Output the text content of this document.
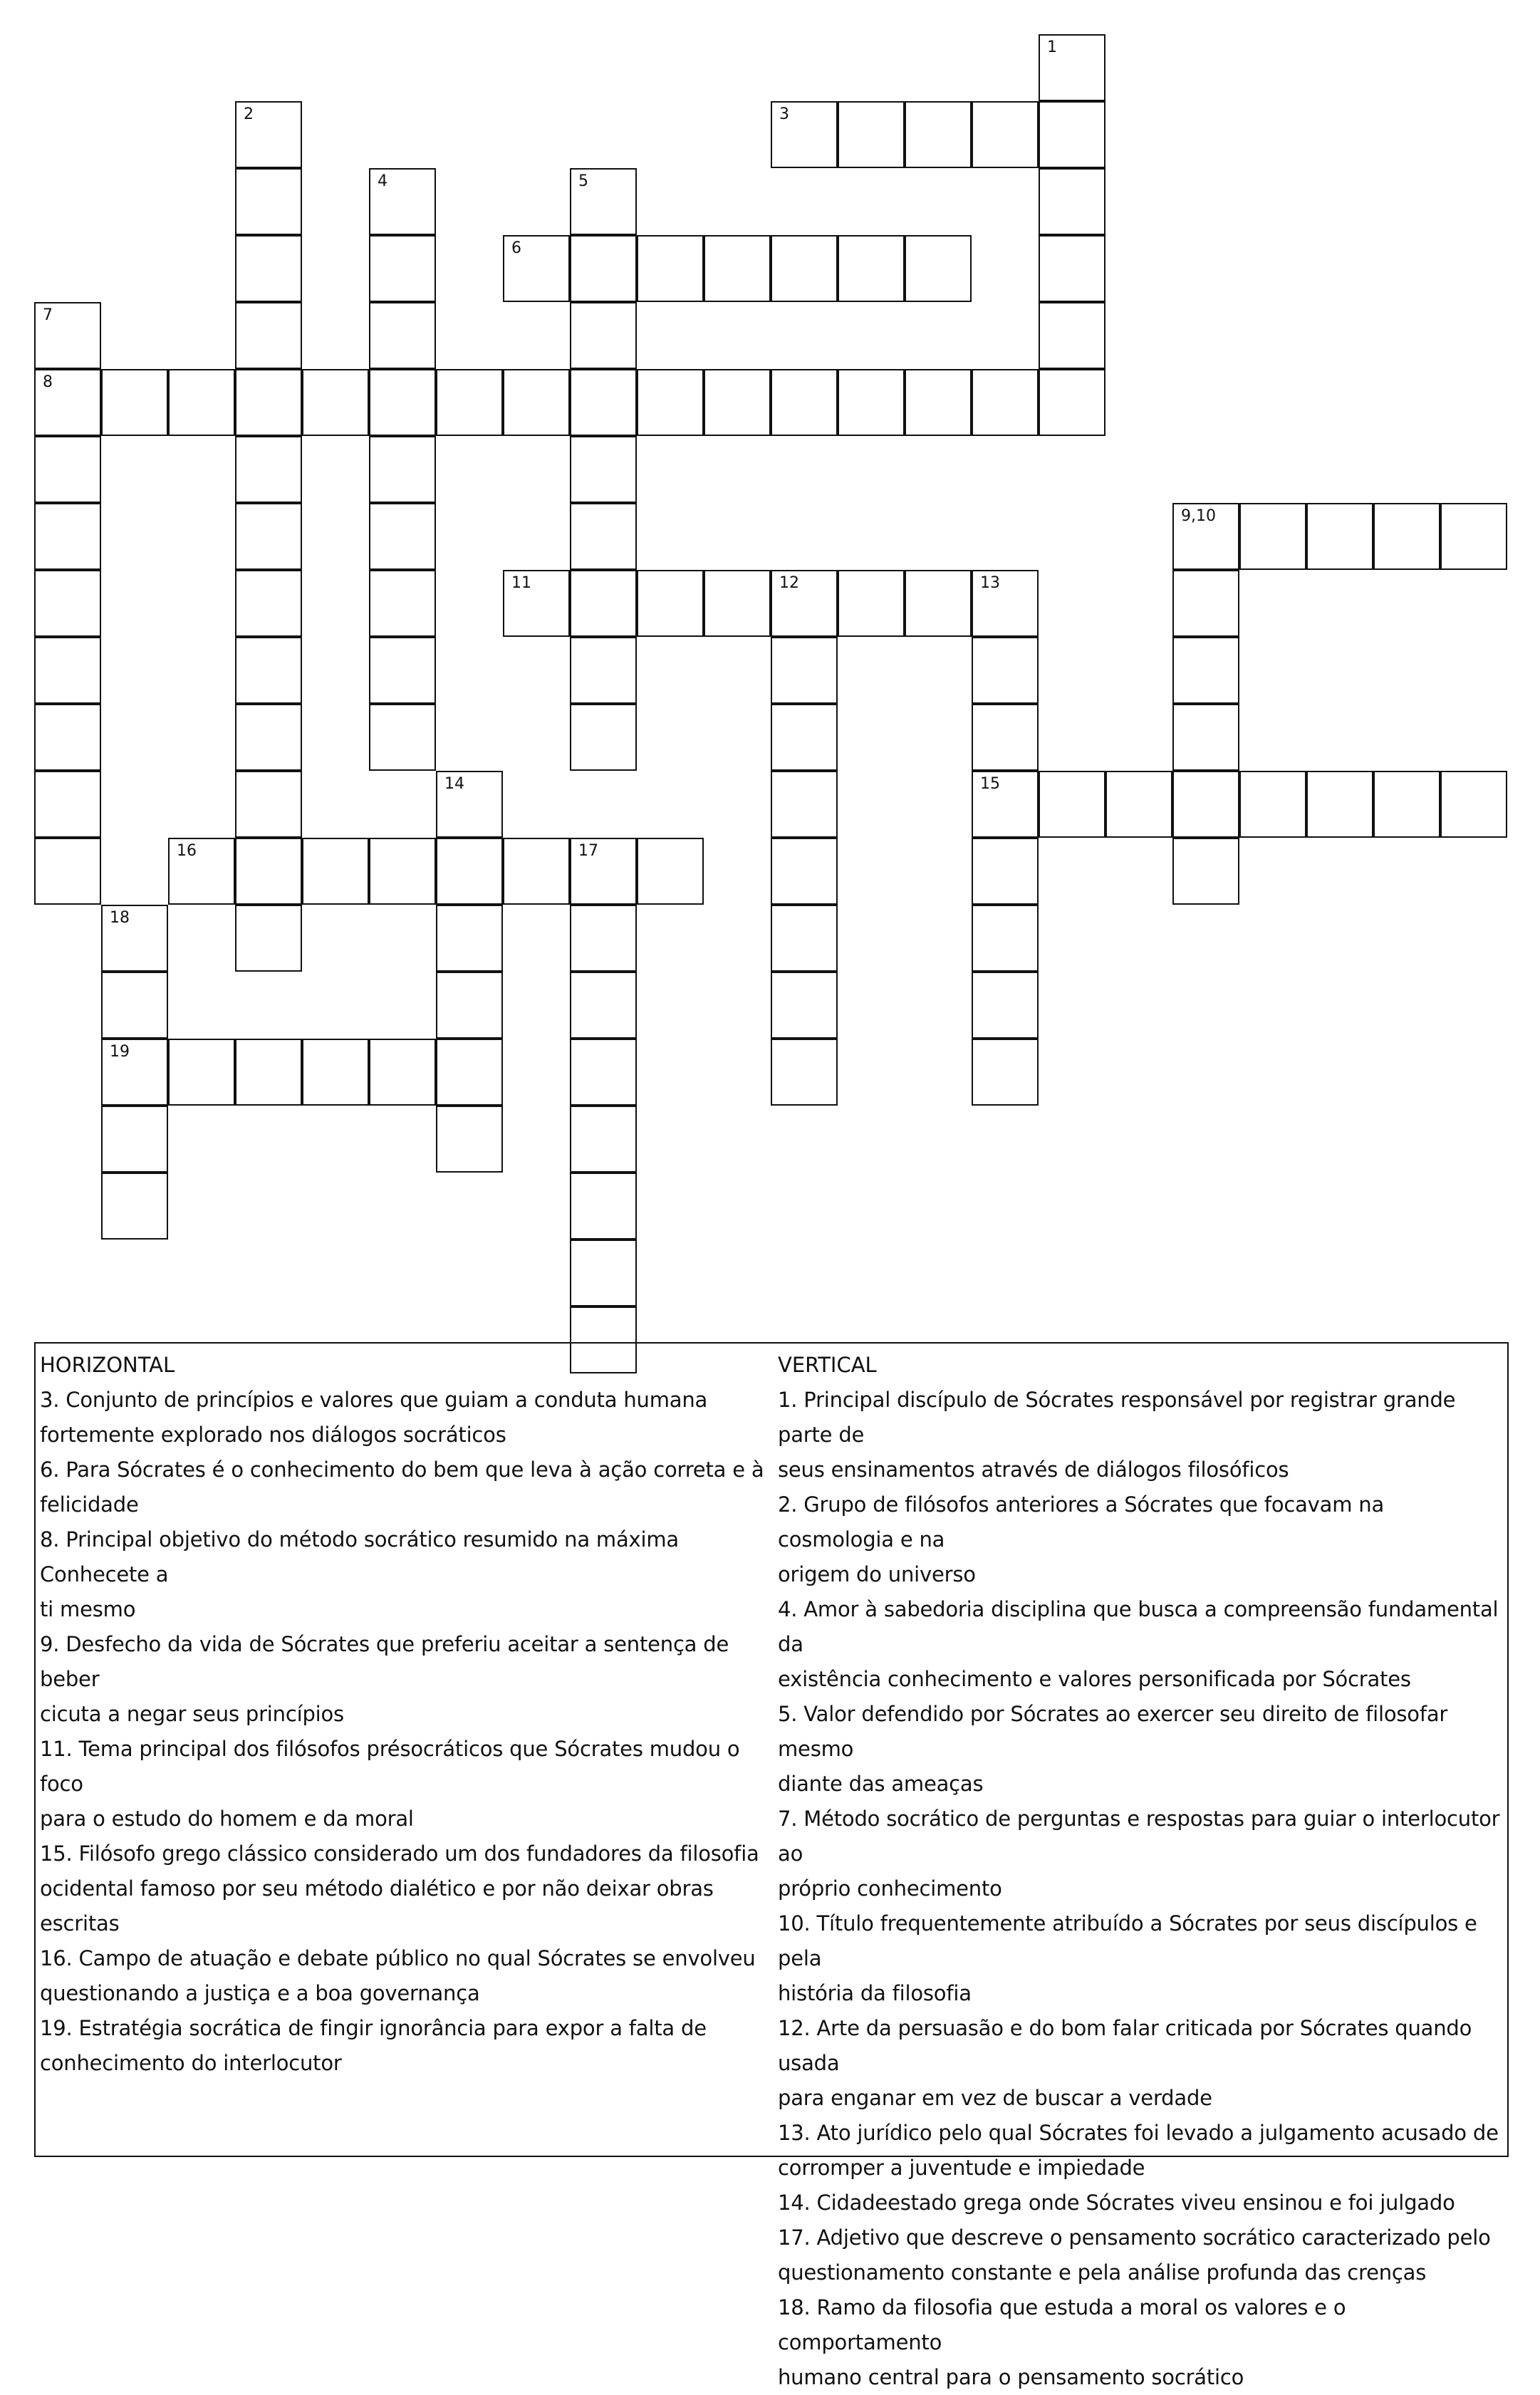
3
6
8
9,10
11	12	13
15
16	17
19
1
2
4	5
7
14
18
HORIZONTAL
3. Conjunto de princípios e valores que guiam a conduta humana
fortemente explorado nos diálogos socráticos
6. Para Sócrates é o conhecimento do bem que leva à ação correta e à
felicidade
8. Principal objetivo do método socrático resumido na máxima Conhecete a
ti mesmo
9. Desfecho da vida de Sócrates que preferiu aceitar a sentença de beber
cicuta a negar seus princípios
11. Tema principal dos filósofos présocráticos que Sócrates mudou o foco
para o estudo do homem e da moral
15. Filósofo grego clássico considerado um dos fundadores da filosofia
ocidental famoso por seu método dialético e por não deixar obras escritas
16. Campo de atuação e debate público no qual Sócrates se envolveu
questionando a justiça e a boa governança
19. Estratégia socrática de fingir ignorância para expor a falta de
conhecimento do interlocutor
VERTICAL
1. Principal discípulo de Sócrates responsável por registrar grande parte de
seus ensinamentos através de diálogos filosóficos
2. Grupo de filósofos anteriores a Sócrates que focavam na cosmologia e na
origem do universo
4. Amor à sabedoria disciplina que busca a compreensão fundamental da
existência conhecimento e valores personificada por Sócrates
5. Valor defendido por Sócrates ao exercer seu direito de filosofar mesmo
diante das ameaças
7. Método socrático de perguntas e respostas para guiar o interlocutor ao
próprio conhecimento
10. Título frequentemente atribuído a Sócrates por seus discípulos e pela
história da filosofia
12. Arte da persuasão e do bom falar criticada por Sócrates quando usada
para enganar em vez de buscar a verdade
13. Ato jurídico pelo qual Sócrates foi levado a julgamento acusado de
corromper a juventude e impiedade
14. Cidadeestado grega onde Sócrates viveu ensinou e foi julgado
17. Adjetivo que descreve o pensamento socrático caracterizado pelo
questionamento constante e pela análise profunda das crenças
18. Ramo da filosofia que estuda a moral os valores e o comportamento
humano central para o pensamento socrático
